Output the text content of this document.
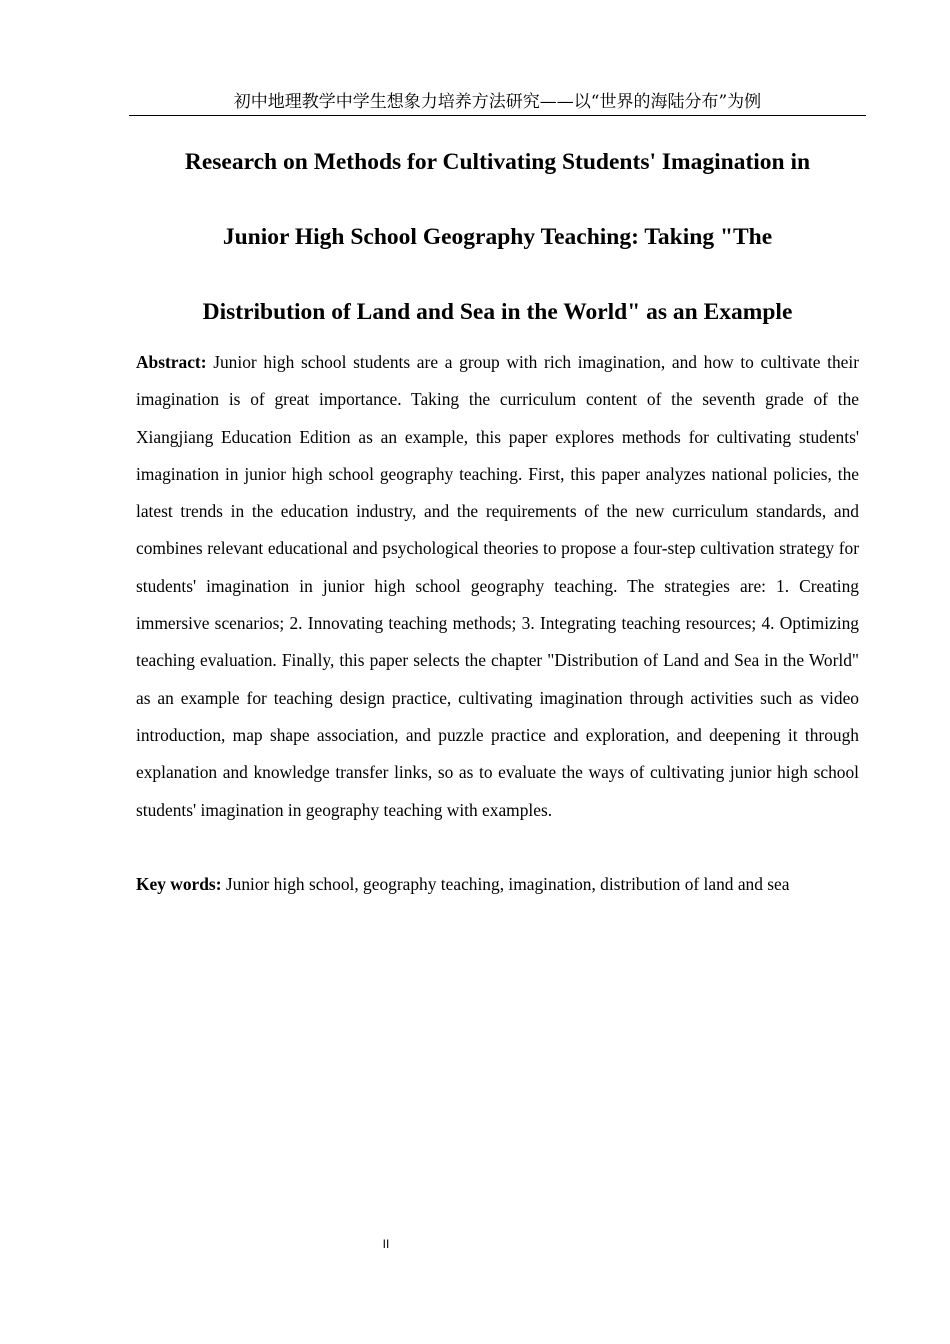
初中地理教学中学生想象力培养方法研究——以“世界的海陆分布”为例
Research on Methods for Cultivating Students' Imagination in
Junior High School Geography Teaching: Taking "The
Distribution of Land and Sea in the World" as an Example

Abstract: Junior high school students are a group with rich imagination, and how to cultivate their imagination is of great importance. Taking the curriculum content of the seventh grade of the Xiangjiang Education Edition as an example, this paper explores methods for cultivating students' imagination in junior high school geography teaching. First, this paper analyzes national policies, the latest trends in the education industry, and the requirements of the new curriculum standards, and combines relevant educational and psychological theories to propose a four-step cultivation strategy for students' imagination in junior high school geography teaching. The strategies are: 1. Creating immersive scenarios; 2. Innovating teaching methods; 3. Integrating teaching resources; 4. Optimizing teaching evaluation. Finally, this paper selects the chapter "Distribution of Land and Sea in the World" as an example for teaching design practice, cultivating imagination through activities such as video introduction, map shape association, and puzzle practice and exploration, and deepening it through explanation and knowledge transfer links, so as to evaluate the ways of cultivating junior high school students' imagination in geography teaching with examples.

Key words: Junior high school, geography teaching, imagination, distribution of land and sea

II
